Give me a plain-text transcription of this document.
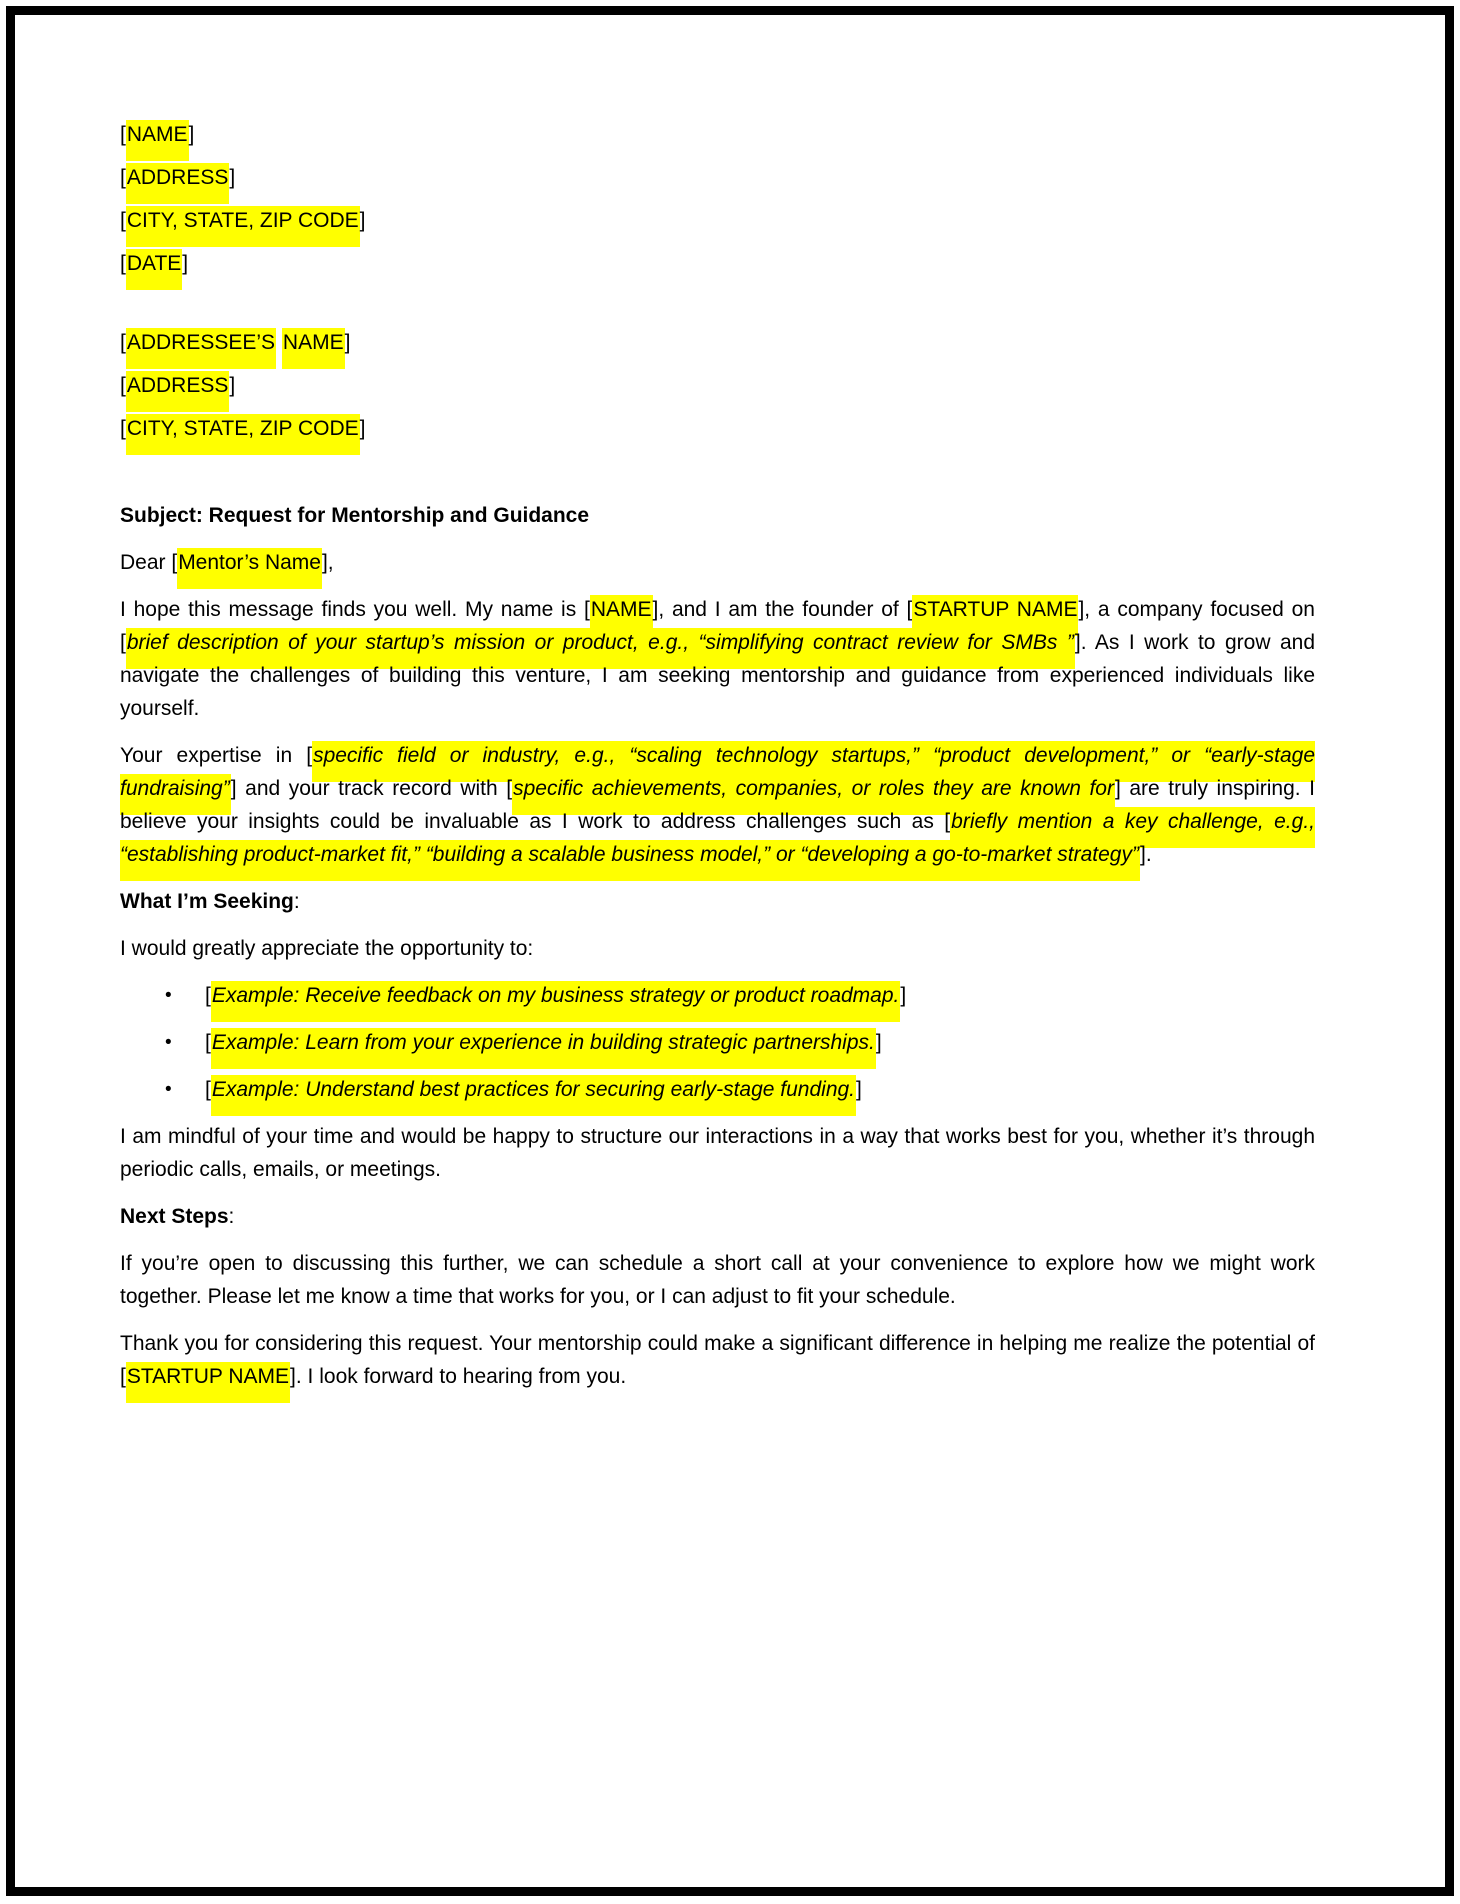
[NAME]

[ADDRESS]

[CITY, STATE, ZIP CODE]

[DATE]

[ADDRESSEE’S NAME]

[ADDRESS]

[CITY, STATE, ZIP CODE]

Subject: Request for Mentorship and Guidance

Dear [Mentor’s Name],

I hope this message finds you well. My name is [NAME], and I am the founder of [STARTUP NAME], a company focused on [brief description of your startup’s mission or product, e.g., “simplifying contract review for SMBs ”]. As I work to grow and navigate the challenges of building this venture, I am seeking mentorship and guidance from experienced individuals like yourself.

Your expertise in [specific field or industry, e.g., “scaling technology startups,” “product development,” or “early-stage fundraising”] and your track record with [specific achievements, companies, or roles they are known for] are truly inspiring. I believe your insights could be invaluable as I work to address challenges such as [briefly mention a key challenge, e.g., “establishing product-market fit,” “building a scalable business model,” or “developing a go-to-market strategy”].

What I’m Seeking:

I would greatly appreciate the opportunity to:

•	[Example: Receive feedback on my business strategy or product roadmap.]
•	[Example: Learn from your experience in building strategic partnerships.]
•	[Example: Understand best practices for securing early-stage funding.]

I am mindful of your time and would be happy to structure our interactions in a way that works best for you, whether it’s through periodic calls, emails, or meetings.

Next Steps:

If you’re open to discussing this further, we can schedule a short call at your convenience to explore how we might work together. Please let me know a time that works for you, or I can adjust to fit your schedule.

Thank you for considering this request. Your mentorship could make a significant difference in helping me realize the potential of [STARTUP NAME]. I look forward to hearing from you.
